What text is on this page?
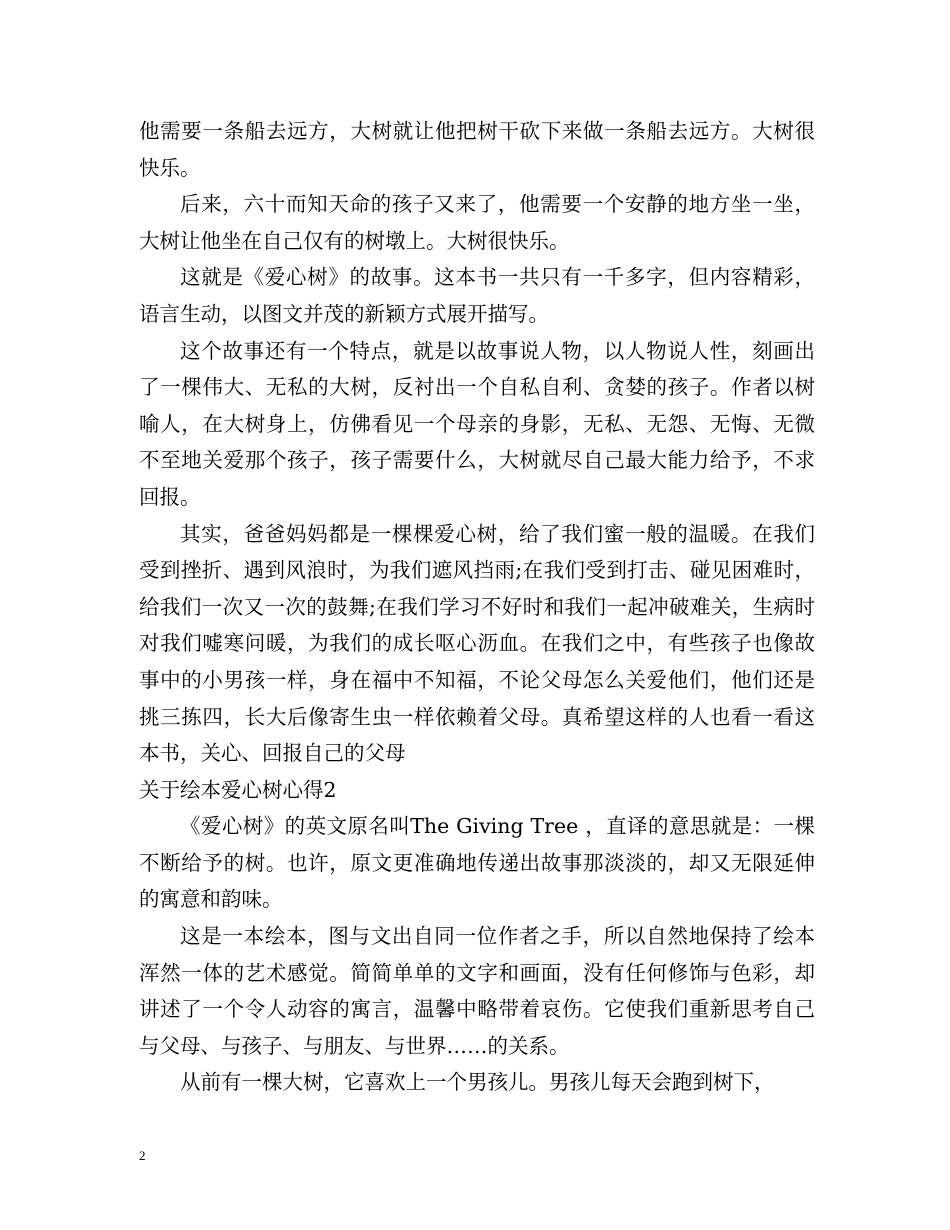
他需要一条船去远方，大树就让他把树干砍下来做一条船去远方。大树很快乐。

后来，六十而知天命的孩子又来了，他需要一个安静的地方坐一坐，大树让他坐在自己仅有的树墩上。大树很快乐。

这就是《爱心树》的故事。这本书一共只有一千多字，但内容精彩，语言生动，以图文并茂的新颖方式展开描写。

这个故事还有一个特点，就是以故事说人物，以人物说人性，刻画出了一棵伟大、无私的大树，反衬出一个自私自利、贪婪的孩子。作者以树喻人，在大树身上，仿佛看见一个母亲的身影，无私、无怨、无悔、无微不至地关爱那个孩子，孩子需要什么，大树就尽自己最大能力给予，不求回报。

其实，爸爸妈妈都是一棵棵爱心树，给了我们蜜一般的温暖。在我们受到挫折、遇到风浪时，为我们遮风挡雨;在我们受到打击、碰见困难时，给我们一次又一次的鼓舞;在我们学习不好时和我们一起冲破难关，生病时对我们嘘寒问暖，为我们的成长呕心沥血。在我们之中，有些孩子也像故事中的小男孩一样，身在福中不知福，不论父母怎么关爱他们，他们还是挑三拣四，长大后像寄生虫一样依赖着父母。真希望这样的人也看一看这本书，关心、回报自己的父母

关于绘本爱心树心得2

《爱心树》的英文原名叫The Giving Tree ，直译的意思就是：一棵不断给予的树。也许，原文更准确地传递出故事那淡淡的，却又无限延伸的寓意和韵味。

这是一本绘本，图与文出自同一位作者之手，所以自然地保持了绘本浑然一体的艺术感觉。简简单单的文字和画面，没有任何修饰与色彩，却讲述了一个令人动容的寓言，温馨中略带着哀伤。它使我们重新思考自己与父母、与孩子、与朋友、与世界……的关系。

从前有一棵大树，它喜欢上一个男孩儿。男孩儿每天会跑到树下，

2
